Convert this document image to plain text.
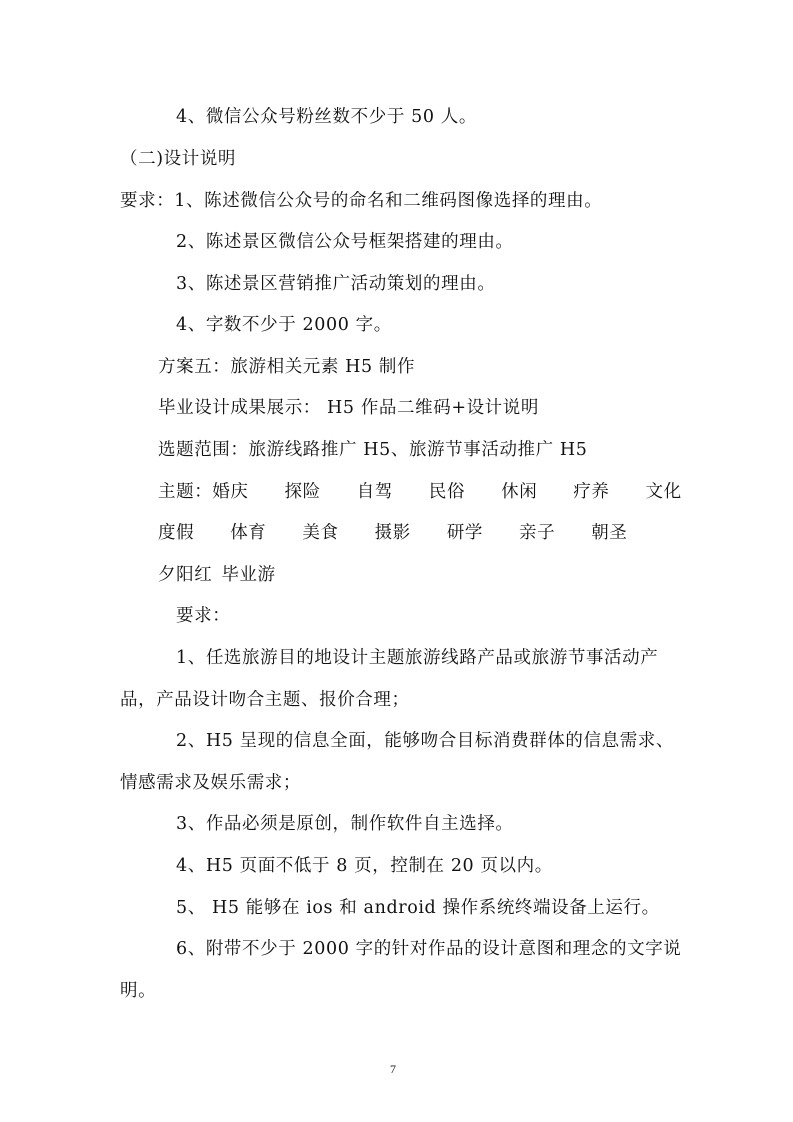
4、微信公众号粉丝数不少于 50 人。
（二)设计说明
要求：1、陈述微信公众号的命名和二维码图像选择的理由。
2、陈述景区微信公众号框架搭建的理由。
3、陈述景区营销推广活动策划的理由。
4、字数不少于 2000 字。
方案五：旅游相关元素 H5 制作
毕业设计成果展示： H5 作品二维码+设计说明
选题范围：旅游线路推广 H5、旅游节事活动推广 H5
主题： 婚庆 探险 自驾 民俗 休闲 疗养 文化
度假 体育 美食 摄影 研学 亲子 朝圣
夕阳红 毕业游
要求：
1、任选旅游目的地设计主题旅游线路产品或旅游节事活动产
品，产品设计吻合主题、报价合理；
2、H5 呈现的信息全面，能够吻合目标消费群体的信息需求、
情感需求及娱乐需求；
3、作品必须是原创，制作软件自主选择。
4、H5 页面不低于 8 页，控制在 20 页以内。
5、 H5 能够在 ios 和 android 操作系统终端设备上运行。
6、附带不少于 2000 字的针对作品的设计意图和理念的文字说
明。
7
